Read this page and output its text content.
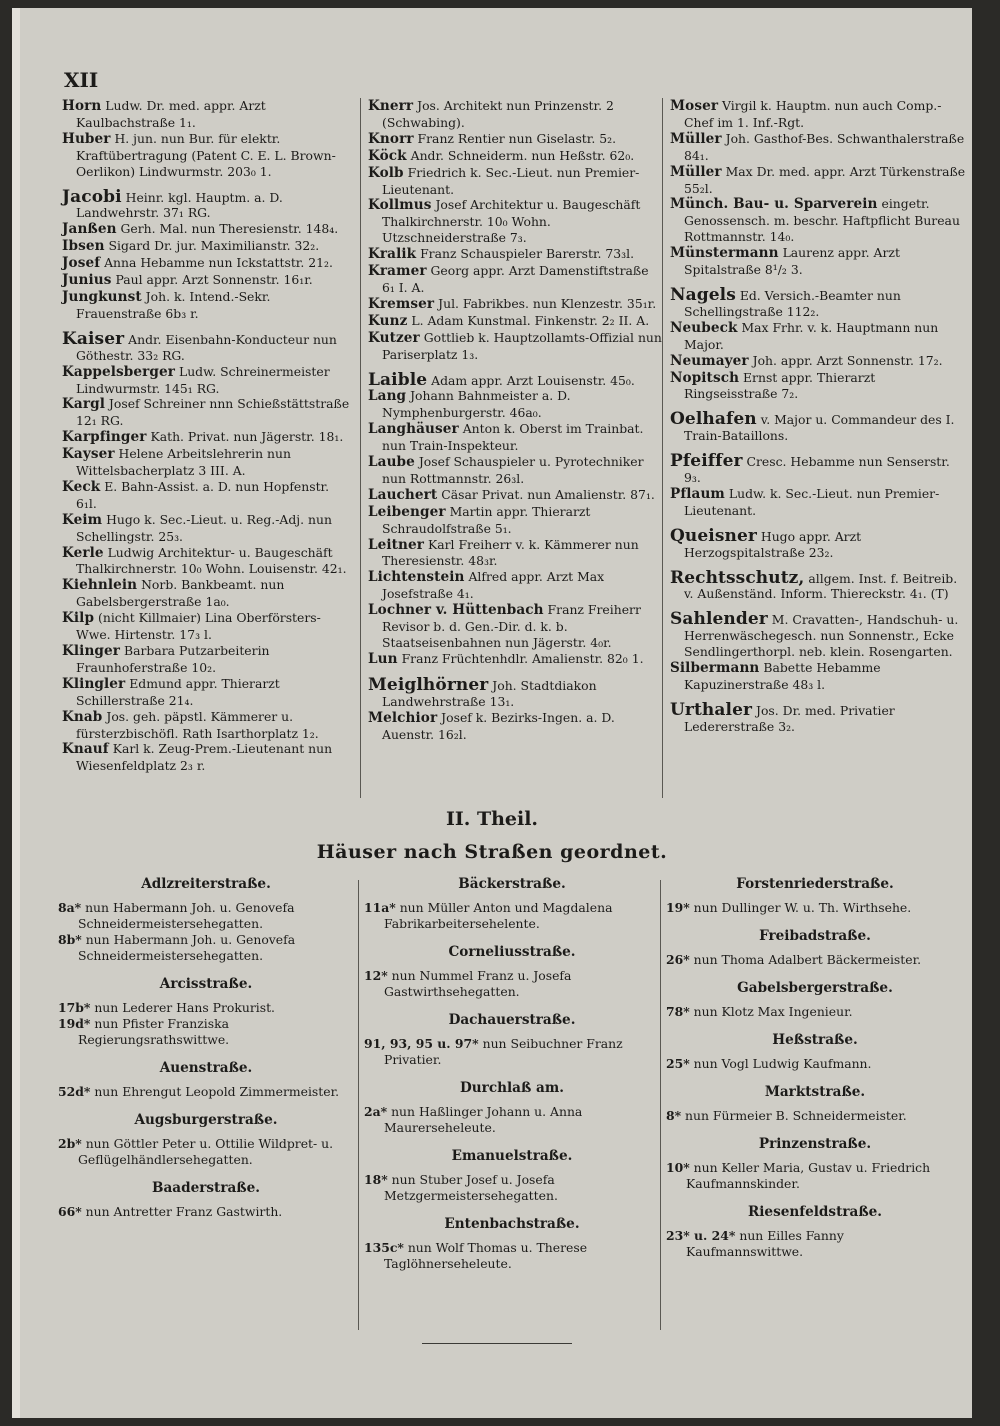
XII
Horn Ludw. Dr. med. appr. Arzt Kaulbachstraße 1₁.
Huber H. jun. nun Bur. für elektr. Kraftübertragung (Patent C. E. L. Brown-Oerlikon) Lindwurmstr. 203₀ 1.
Jacobi Heinr. kgl. Hauptm. a. D. Landwehrstr. 37₁ RG.
Janßen Gerh. Mal. nun Theresienstr. 148₄.
Ibsen Sigard Dr. jur. Maximilianstr. 32₂.
Josef Anna Hebamme nun Ickstattstr. 21₂.
Junius Paul appr. Arzt Sonnenstr. 16₁r.
Jungkunst Joh. k. Intend.-Sekr. Frauenstraße 6b₃ r.
Kaiser Andr. Eisenbahn-Konducteur nun Göthestr. 33₂ RG.
Kappelsberger Ludw. Schreinermeister Lindwurmstr. 145₁ RG.
Kargl Josef Schreiner nnn Schießstättstraße 12₁ RG.
Karpfinger Kath. Privat. nun Jägerstr. 18₁.
Kayser Helene Arbeitslehrerin nun Wittelsbacherplatz 3 III. A.
Keck E. Bahn-Assist. a. D. nun Hopfenstr. 6₁l.
Keim Hugo k. Sec.-Lieut. u. Reg.-Adj. nun Schellingstr. 25₃.
Kerle Ludwig Architektur- u. Baugeschäft Thalkirchnerstr. 10₀ Wohn. Louisenstr. 42₁.
Kiehnlein Norb. Bankbeamt. nun Gabelsbergerstraße 1a₀.
Kilp (nicht Killmaier) Lina Oberförsters-Wwe. Hirtenstr. 17₃ l.
Klinger Barbara Putzarbeiterin Fraunhoferstraße 10₂.
Klingler Edmund appr. Thierarzt Schillerstraße 21₄.
Knab Jos. geh. päpstl. Kämmerer u. fürsterzbischöfl. Rath Isarthorplatz 1₂.
Knauf Karl k. Zeug-Prem.-Lieutenant nun Wiesenfeldplatz 2₃ r.
Knerr Jos. Architekt nun Prinzenstr. 2 (Schwabing).
Knorr Franz Rentier nun Giselastr. 5₂.
Köck Andr. Schneiderm. nun Heßstr. 62₀.
Kolb Friedrich k. Sec.-Lieut. nun Premier-Lieutenant.
Kollmus Josef Architektur u. Baugeschäft Thalkirchnerstr. 10₀ Wohn. Utzschneiderstraße 7₃.
Kralik Franz Schauspieler Barerstr. 73₃l.
Kramer Georg appr. Arzt Damenstiftstraße 6₁ I. A.
Kremser Jul. Fabrikbes. nun Klenzestr. 35₁r.
Kunz L. Adam Kunstmal. Finkenstr. 2₂ II. A.
Kutzer Gottlieb k. Hauptzollamts-Offizial nun Pariserplatz 1₃.
Laible Adam appr. Arzt Louisenstr. 45₀.
Lang Johann Bahnmeister a. D. Nymphenburgerstr. 46a₀.
Langhäuser Anton k. Oberst im Trainbat. nun Train-Inspekteur.
Laube Josef Schauspieler u. Pyrotechniker nun Rottmannstr. 26₃l.
Lauchert Cäsar Privat. nun Amalienstr. 87₁.
Leibenger Martin appr. Thierarzt Schraudolfstraße 5₁.
Leitner Karl Freiherr v. k. Kämmerer nun Theresienstr. 48₃r.
Lichtenstein Alfred appr. Arzt Max Josefstraße 4₁.
Lochner v. Hüttenbach Franz Freiherr Revisor b. d. Gen.-Dir. d. k. b. Staatseisenbahnen nun Jägerstr. 4₀r.
Lun Franz Früchtenhdlr. Amalienstr. 82₀ 1.
Meiglhörner Joh. Stadtdiakon Landwehrstraße 13₁.
Melchior Josef k. Bezirks-Ingen. a. D. Auenstr. 16₂l.
Moser Virgil k. Hauptm. nun auch Comp.-Chef im 1. Inf.-Rgt.
Müller Joh. Gasthof-Bes. Schwanthalerstraße 84₁.
Müller Max Dr. med. appr. Arzt Türkenstraße 55₂l.
Münch. Bau- u. Sparverein eingetr. Genossensch. m. beschr. Haftpflicht Bureau Rottmannstr. 14₀.
Münstermann Laurenz appr. Arzt Spitalstraße 8¹/₂ 3.
Nagels Ed. Versich.-Beamter nun Schellingstraße 112₂.
Neubeck Max Frhr. v. k. Hauptmann nun Major.
Neumayer Joh. appr. Arzt Sonnenstr. 17₂.
Nopitsch Ernst appr. Thierarzt Ringseisstraße 7₂.
Oelhafen v. Major u. Commandeur des I. Train-Bataillons.
Pfeiffer Cresc. Hebamme nun Senserstr. 9₃.
Pflaum Ludw. k. Sec.-Lieut. nun Premier-Lieutenant.
Queisner Hugo appr. Arzt Herzogspitalstraße 23₂.
Rechtsschutz, allgem. Inst. f. Beitreib. v. Außenständ. Inform. Thiereckstr. 4₁. (T)
Sahlender M. Cravatten-, Handschuh- u. Herrenwäschegesch. nun Sonnenstr., Ecke Sendlingerthorpl. neb. klein. Rosengarten.
Silbermann Babette Hebamme Kapuzinerstraße 48₃ l.
Urthaler Jos. Dr. med. Privatier Ledererstraße 3₂.
II. Theil.
Häuser nach Straßen geordnet.
Adlzreiterstraße.
8a* nun Habermann Joh. u. Genovefa Schneidermeistersehegatten.
8b* nun Habermann Joh. u. Genovefa Schneidermeistersehegatten.
Arcisstraße.
17b* nun Lederer Hans Prokurist.
19d* nun Pfister Franziska Regierungsrathswittwe.
Auenstraße.
52d* nun Ehrengut Leopold Zimmermeister.
Augsburgerstraße.
2b* nun Göttler Peter u. Ottilie Wildpret- u. Geflügelhändlersehegatten.
Baaderstraße.
66* nun Antretter Franz Gastwirth.
Bäckerstraße.
11a* nun Müller Anton und Magdalena Fabrikarbeitersehelente.
Corneliusstraße.
12* nun Nummel Franz u. Josefa Gastwirthsehegatten.
Dachauerstraße.
91, 93, 95 u. 97* nun Seibuchner Franz Privatier.
Durchlaß am.
2a* nun Haßlinger Johann u. Anna Maurerseheleute.
Emanuelstraße.
18* nun Stuber Josef u. Josefa Metzgermeistersehegatten.
Entenbachstraße.
135c* nun Wolf Thomas u. Therese Taglöhnerseheleute.
Forstenriederstraße.
19* nun Dullinger W. u. Th. Wirthsehe.
Freibadstraße.
26* nun Thoma Adalbert Bäckermeister.
Gabelsbergerstraße.
78* nun Klotz Max Ingenieur.
Heßstraße.
25* nun Vogl Ludwig Kaufmann.
Marktstraße.
8* nun Fürmeier B. Schneidermeister.
Prinzenstraße.
10* nun Keller Maria, Gustav u. Friedrich Kaufmannskinder.
Riesenfeldstraße.
23* u. 24* nun Eilles Fanny Kaufmannswittwe.
